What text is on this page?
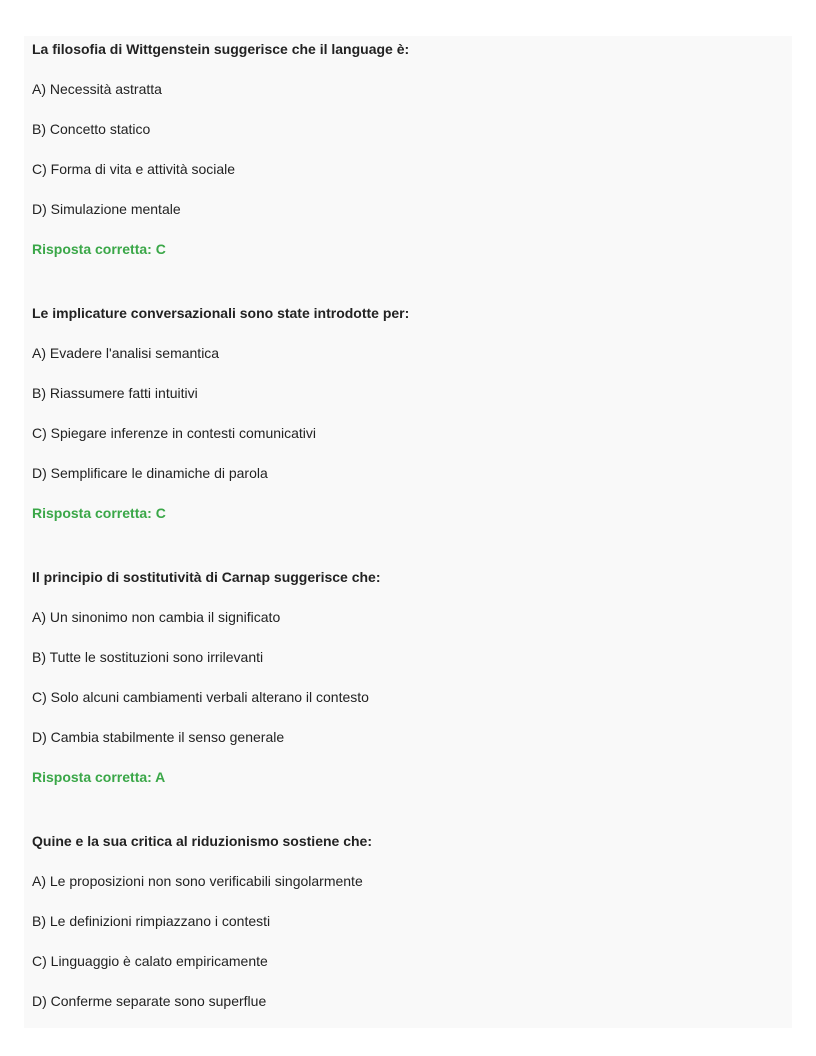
La filosofia di Wittgenstein suggerisce che il language è:
A) Necessità astratta
B) Concetto statico
C) Forma di vita e attività sociale
D) Simulazione mentale
Risposta corretta: C
Le implicature conversazionali sono state introdotte per:
A) Evadere l'analisi semantica
B) Riassumere fatti intuitivi
C) Spiegare inferenze in contesti comunicativi
D) Semplificare le dinamiche di parola
Risposta corretta: C
Il principio di sostitutività di Carnap suggerisce che:
A) Un sinonimo non cambia il significato
B) Tutte le sostituzioni sono irrilevanti
C) Solo alcuni cambiamenti verbali alterano il contesto
D) Cambia stabilmente il senso generale
Risposta corretta: A
Quine e la sua critica al riduzionismo sostiene che:
A) Le proposizioni non sono verificabili singolarmente
B) Le definizioni rimpiazzano i contesti
C) Linguaggio è calato empiricamente
D) Conferme separate sono superflue
